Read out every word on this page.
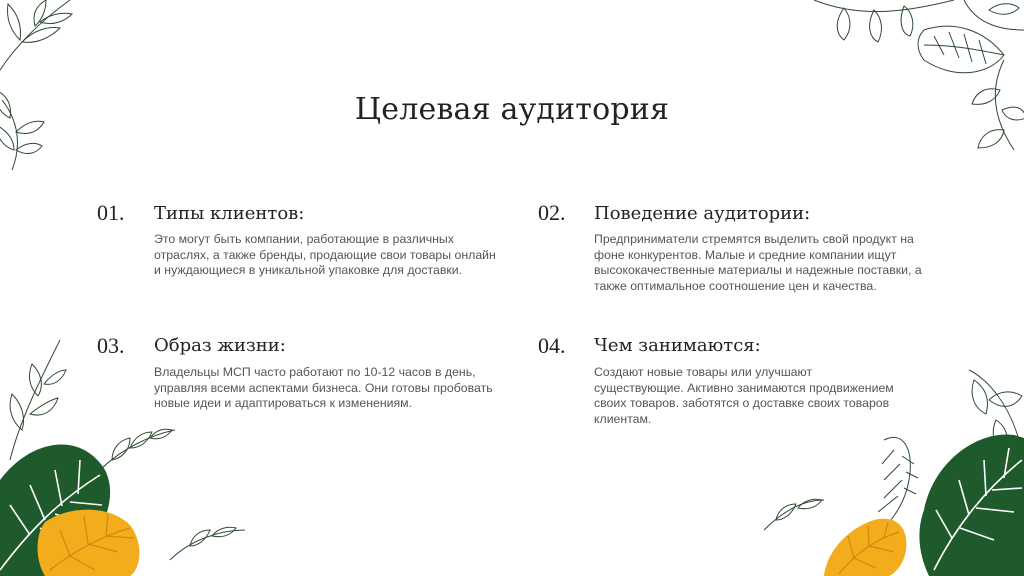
Целевая аудитория
01. Типы клиентов:
Это могут быть компании, работающие в различных отраслях, а также бренды, продающие свои товары онлайн и нуждающиеся в уникальной упаковке для доставки.
02. Поведение аудитории:
Предприниматели стремятся выделить свой продукт на фоне конкурентов. Малые и средние компании ищут высококачественные материалы и надежные поставки, а также оптимальное соотношение цен и качества.
03. Образ жизни:
Владельцы МСП часто работают по 10-12 часов в день, управляя всеми аспектами бизнеса. Они готовы пробовать новые идеи и адаптироваться к изменениям.
04. Чем занимаются:
Создают новые товары или улучшают существующие. Активно занимаются продвижением своих товаров. заботятся о доставке своих товаров клиентам.
